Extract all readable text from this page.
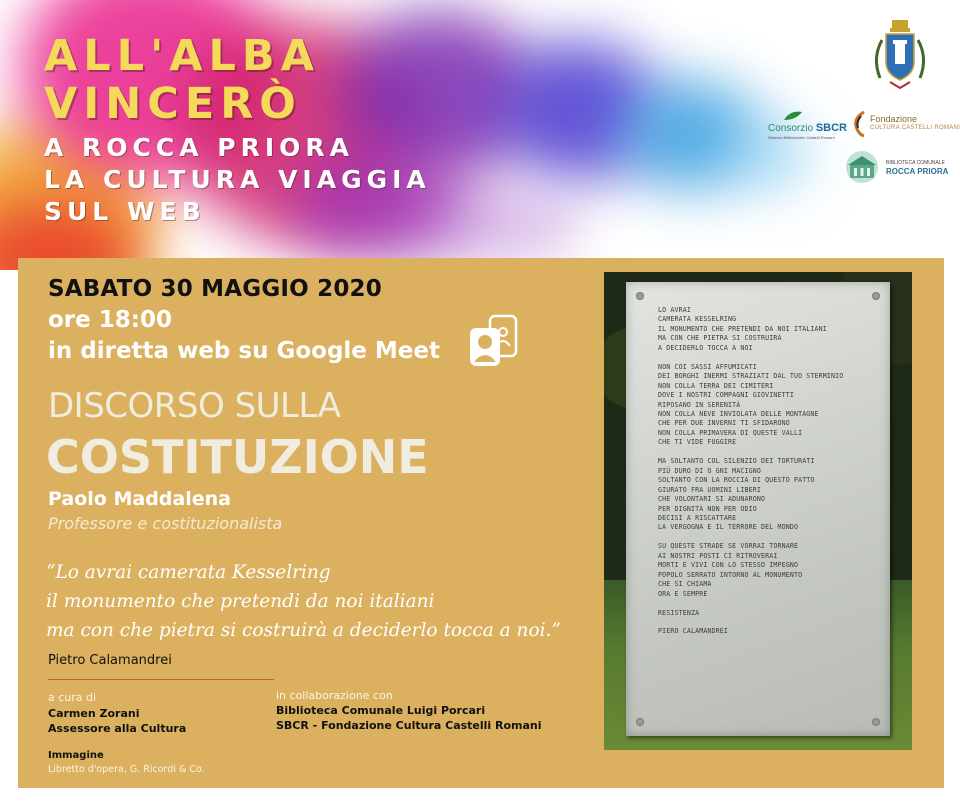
ALL'ALBA
VINCERÒ
A ROCCA PRIORA
LA CULTURA VIAGGIA
SUL WEB
Consorzio SBCR
Sistema Bibliotecario Castelli Romani
Fondazione
CULTURA CASTELLI ROMANI
BIBLIOTECA COMUNALE
ROCCA PRIORA
SABATO 30 MAGGIO 2020
ore 18:00
in diretta web su Google Meet
DISCORSO SULLA
COSTITUZIONE
Paolo Maddalena
Professore e costituzionalista
“Lo avrai camerata Kesselring
il monumento che pretendi da noi italiani
ma con che pietra si costruirà a deciderlo tocca a noi.”
Pietro Calamandrei
a cura di
Carmen Zorani
Assessore alla Cultura
Immagine
Libretto d'opera, G. Ricordi & Co.
in collaborazione con
Biblioteca Comunale Luigi Porcari
SBCR - Fondazione Cultura Castelli Romani
LO AVRAI
CAMERATA KESSELRING
IL MONUMENTO CHE PRETENDI DA NOI ITALIANI
MA CON CHE PIETRA SI COSTRUIRÀ
A DECIDERLO TOCCA A NOI

NON COI SASSI AFFUMICATI
DEI BORGHI INERMI STRAZIATI DAL TUO STERMINIO
NON COLLA TERRA DEI CIMITERI
DOVE I NOSTRI COMPAGNI GIOVINETTI
RIPOSANO IN SERENITÀ
NON COLLA NEVE INVIOLATA DELLE MONTAGNE
CHE PER DUE INVERNI TI SFIDARONO
NON COLLA PRIMAVERA DI QUESTE VALLI
CHE TI VIDE FUGGIRE

MA SOLTANTO COL SILENZIO DEI TORTURATI
PIÙ DURO DI O GNI MACIGNO
SOLTANTO CON LA ROCCIA DI QUESTO PATTO
GIURATO FRA UOMINI LIBERI
CHE VOLONTARI SI ADUNARONO
PER DIGNITÀ NON PER ODIO
DECISI A RISCATTARE
LA VERGOGNA E IL TERRORE DEL MONDO

SU QUESTE STRADE SE VORRAI TORNARE
AI NOSTRI POSTI CI RITROVERAI
MORTI E VIVI CON LO STESSO IMPEGNO
POPOLO SERRATO INTORNO AL MONUMENTO
CHE SI CHIAMA
ORA E SEMPRE

RESISTENZA

PIERO CALAMANDREI
